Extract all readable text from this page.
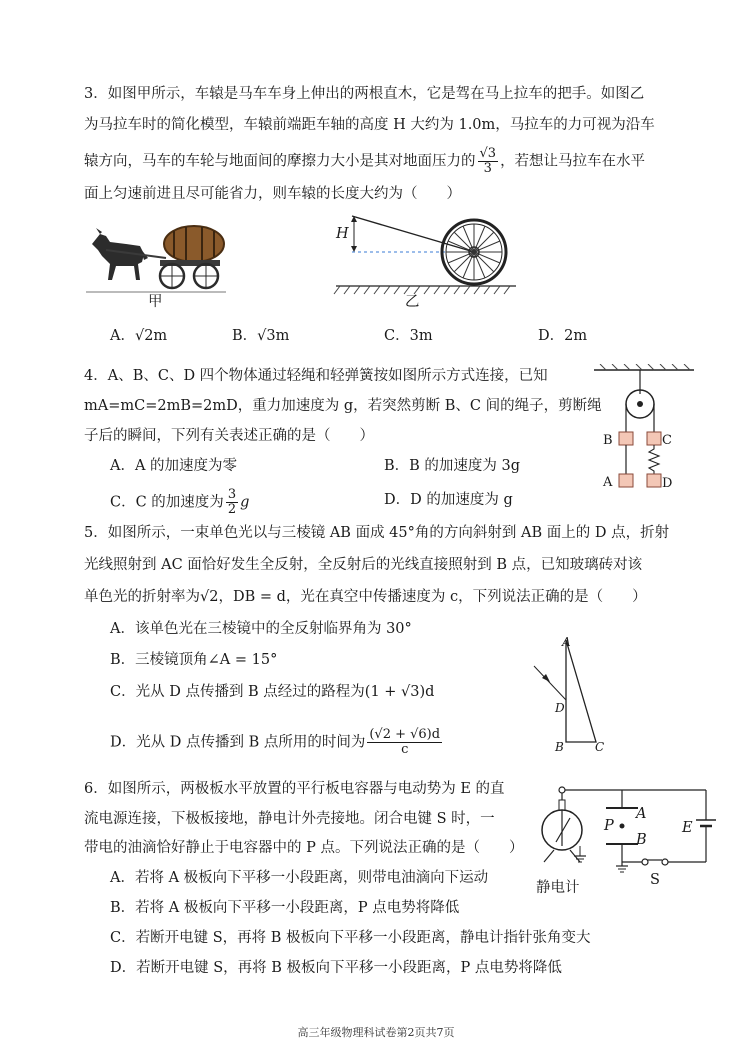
3．如图甲所示，车辕是马车车身上伸出的两根直木，它是驾在马上拉车的把手。如图乙
为马拉车时的简化模型，车辕前端距车轴的高度 H 大约为 1.0m，马拉车的力可视为沿车
辕方向，马车的车轮与地面间的摩擦力大小是其对地面压力的 $\frac{√3}{3}$ ，若想让马拉车在水平
面上匀速前进且尽可能省力，则车辕的长度大约为（　　）
甲
H
乙
A．√2m	B．√3m	C．3m	D．2m
4．A、B、C、D 四个物体通过轻绳和轻弹簧按如图所示方式连接，已知
mA=mC=2mB=2mD，重力加速度为 g，若突然剪断 B、C 间的绳子，剪断绳
子后的瞬间，下列有关表述正确的是（　　）
A．A 的加速度为零	B．B 的加速度为 3g
C．C 的加速度为 $\frac{3}{2}$ g	D．D 的加速度为 g
B	C
A	D
5．如图所示，一束单色光以与三棱镜 AB 面成 45°角的方向斜射到 AB 面上的 D 点，折射
光线照射到 AC 面恰好发生全反射，全反射后的光线直接照射到 B 点，已知玻璃砖对该
单色光的折射率为√2，DB = d，光在真空中传播速度为 c，下列说法正确的是（　　）
A．该单色光在三棱镜中的全反射临界角为 30°
B．三棱镜顶角∠A = 15°
C．光从 D 点传播到 B 点经过的路程为(1 + √3)d
D．光从 D 点传播到 B 点所用的时间为 $\frac{(√2 + √6)d}{c}$
A
D
B	C
6．如图所示，两极板水平放置的平行板电容器与电动势为 E 的直
流电源连接，下极板接地，静电计外壳接地。闭合电键 S 时，一
带电的油滴恰好静止于电容器中的 P 点。下列说法正确的是（　　）
A．若将 A 极板向下平移一小段距离，则带电油滴向下运动
B．若将 A 极板向下平移一小段距离，P 点电势将降低
C．若断开电键 S，再将 B 极板向下平移一小段距离，静电计指针张角变大
D．若断开电键 S，再将 B 极板向下平移一小段距离，P 点电势将降低
A
P
B
E
S
静电计
高三年级物理科试卷第2页共7页
